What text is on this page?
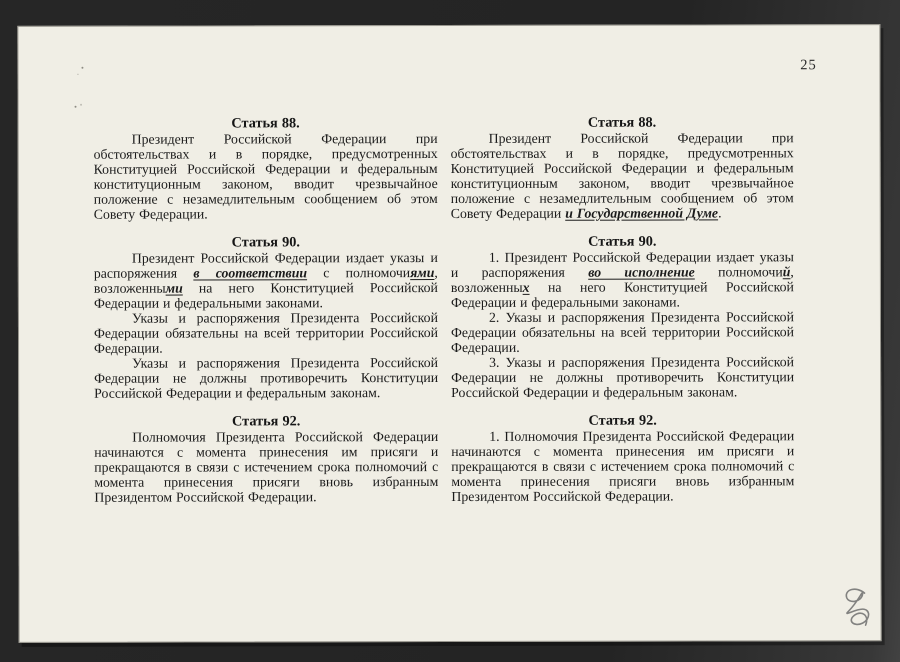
25
Статья 88.

Президент Российской Федерации при обстоятельствах и в порядке, предусмотренных Конституцией Российской Федерации и федеральным конституционным законом, вводит чрезвычайное положение с незамедлительным сообщением об этом Совету Федерации.

Статья 90.

Президент Российской Федерации издает указы и распоряжения в соответствии с полномочиями, возложенными на него Конституцией Российской Федерации и федеральными законами.

Указы и распоряжения Президента Российской Федерации обязательны на всей территории Российской Федерации.

Указы и распоряжения Президента Российской Федерации не должны противоречить Конституции Российской Федерации и федеральным законам.

Статья 92.

Полномочия Президента Российской Федерации начинаются с момента принесения им присяги и прекращаются в связи с истечением срока полномочий с момента принесения присяги вновь избранным Президентом Российской Федерации.

Статья 88.

Президент Российской Федерации при обстоятельствах и в порядке, предусмотренных Конституцией Российской Федерации и федеральным конституционным законом, вводит чрезвычайное положение с незамедлительным сообщением об этом Совету Федерации и Государственной Думе.

Статья 90.

1. Президент Российской Федерации издает указы и распоряжения во исполнение полномочий, возложенных на него Конституцией Российской Федерации и федеральными законами.

2. Указы и распоряжения Президента Российской Федерации обязательны на всей территории Российской Федерации.

3. Указы и распоряжения Президента Российской Федерации не должны противоречить Конституции Российской Федерации и федеральным законам.

Статья 92.

1. Полномочия Президента Российской Федерации начинаются с момента принесения им присяги и прекращаются в связи с истечением срока полномочий с момента принесения присяги вновь избранным Президентом Российской Федерации.
